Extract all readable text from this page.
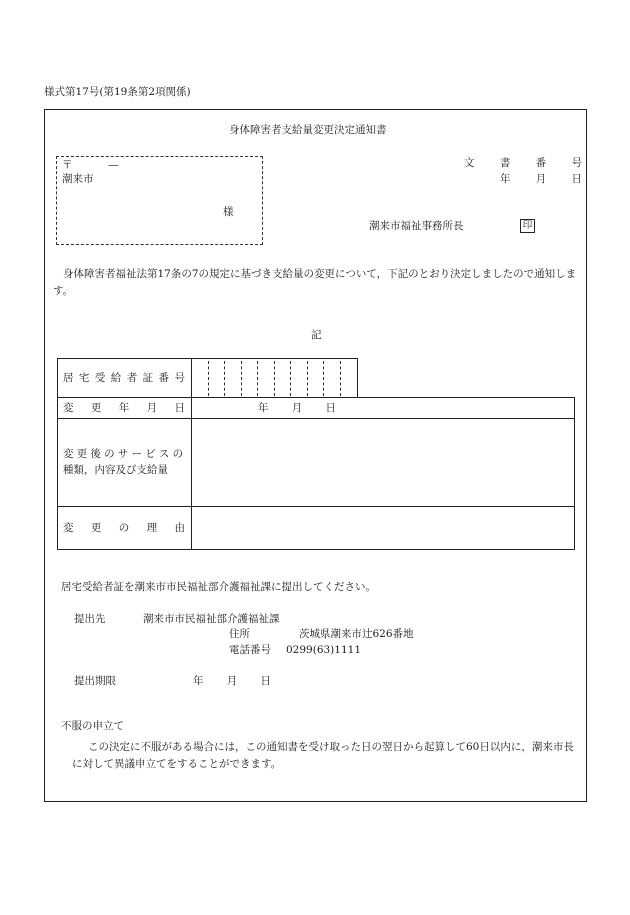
様式第17号(第19条第2項関係)
身体障害者支給量変更決定通知書
〒	—
潮来市
様
文 書 番 号
年 月 日
潮来市福祉事務所長	印
身体障害者福祉法第17条の7の規定に基づき支給量の変更について，下記のとおり決定しましたので通知します。
記
居 宅 受 給 者 証 番 号
変 更 年 月 日	年 月 日
変更後のサービスの
種類，内容及び支給量
変 更 の 理 由
居宅受給者証を潮来市市民福祉部介護福祉課に提出してください。
提出先	潮来市市民福祉部介護福祉課
住所	茨城県潮来市辻626番地
電話番号 0299(63)1111
提出期限	年 月 日
不服の申立て
この決定に不服がある場合には，この通知書を受け取った日の翌日から起算して60日以内に，潮来市長に対して異議申立てをすることができます。
